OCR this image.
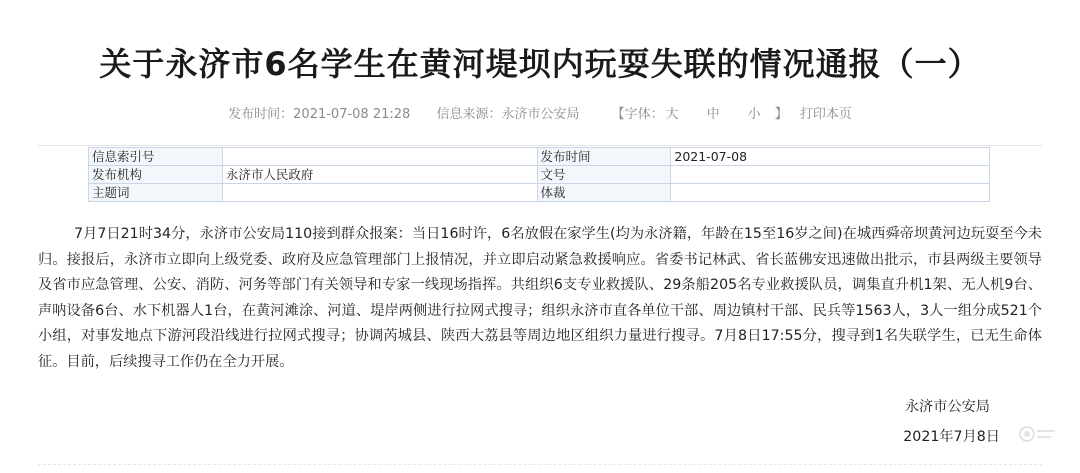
关于永济市6名学生在黄河堤坝内玩耍失联的情况通报（一）
发布时间：2021-07-08 21:28 信息来源：永济市公安局 【字体： 大 中 小 】 打印本页
信息索引号		发布时间	2021-07-08
发布机构	永济市人民政府	文号	
主题词		体裁	

7月7日21时34分，永济市公安局110接到群众报案：当日16时许，6名放假在家学生(均为永济籍，年龄在15至16岁之间)在城西舜帝坝黄河边玩耍至今未归。接报后，永济市立即向上级党委、政府及应急管理部门上报情况，并立即启动紧急救援响应。省委书记林武、省长蓝佛安迅速做出批示，市县两级主要领导及省市应急管理、公安、消防、河务等部门有关领导和专家一线现场指挥。共组织6支专业救援队、29条船205名专业救援队员，调集直升机1架、无人机9台、声呐设备6台、水下机器人1台，在黄河滩涂、河道、堤岸两侧进行拉网式搜寻；组织永济市直各单位干部、周边镇村干部、民兵等1563人，3人一组分成521个小组，对事发地点下游河段沿线进行拉网式搜寻；协调芮城县、陕西大荔县等周边地区组织力量进行搜寻。7月8日17:55分，搜寻到1名失联学生，已无生命体征。目前，后续搜寻工作仍在全力开展。

永济市公安局
2021年7月8日
